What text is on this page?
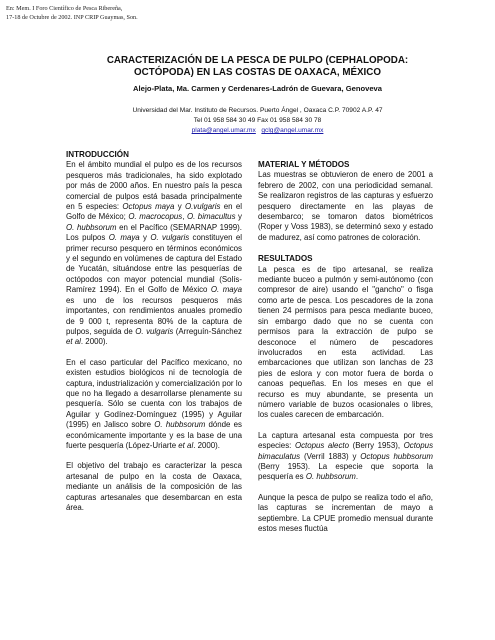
En: Mem. I Foro Científico de Pesca Ribereña,
17-18 de Octubre de 2002. INP CRIP Guaymas, Son.
CARACTERIZACIÓN DE LA PESCA DE PULPO (CEPHALOPODA:
OCTÓPODA) EN LAS COSTAS DE OAXACA, MÉXICO
Alejo-Plata, Ma. Carmen y Cerdenares-Ladrón de Guevara, Genoveva
Universidad del Mar. Instituto de Recursos. Puerto Ángel , Oaxaca C.P. 70902 A.P. 47
Tel 01 958 584 30 49 Fax 01 958 584 30 78
plata@angel.umar.mx gclg@angel.umar.mx
INTRODUCCIÓN

En el ámbito mundial el pulpo es de los recursos pesqueros más tradicionales, ha sido explotado por más de 2000 años. En nuestro país la pesca comercial de pulpos está basada principalmente en 5 especies: Octopus maya y O.vulgaris en el Golfo de México; O. macrocopus, O. bimacultus y O. hubbsorum en el Pacífico (SEMARNAP 1999). Los pulpos O. maya y O. vulgaris constituyen el primer recurso pesquero en términos económicos y el segundo en volúmenes de captura del Estado de Yucatán, situándose entre las pesquerías de octópodos con mayor potencial mundial (Solís-Ramírez 1994). En el Golfo de México O. maya es uno de los recursos pesqueros más importantes, con rendimientos anuales promedio de 9 000 t, representa 80% de la captura de pulpos, seguida de O. vulgaris (Arreguín-Sánchez et al. 2000).

En el caso particular del Pacífico mexicano, no existen estudios biológicos ni de tecnología de captura, industrialización y comercialización por lo que no ha llegado a desarrollarse plenamente su pesquería. Sólo se cuenta con los trabajos de Aguilar y Godínez-Domínguez (1995) y Aguilar (1995) en Jalisco sobre O. hubbsorum dónde es económicamente importante y es la base de una fuerte pesquería (López-Uriarte et al. 2000).

El objetivo del trabajo es caracterizar la pesca artesanal de pulpo en la costa de Oaxaca, mediante un análisis de la composición de las capturas artesanales que desembarcan en esta área.

MATERIAL Y MÉTODOS

Las muestras se obtuvieron de enero de 2001 a febrero de 2002, con una periodicidad semanal. Se realizaron registros de las capturas y esfuerzo pesquero directamente en las playas de desembarco; se tomaron datos biométricos (Roper y Voss 1983), se determinó sexo y estado de madurez, así como patrones de coloración.

RESULTADOS

La pesca es de tipo artesanal, se realiza mediante buceo a pulmón y semi-autónomo (con compresor de aire) usando el "gancho" o fisga como arte de pesca. Los pescadores de la zona tienen 24 permisos para pesca mediante buceo, sin embargo dado que no se cuenta con permisos para la extracción de pulpo se desconoce el número de pescadores involucrados en esta actividad. Las embarcaciones que utilizan son lanchas de 23 pies de eslora y con motor fuera de borda o canoas pequeñas. En los meses en que el recurso es muy abundante, se presenta un número variable de buzos ocasionales o libres, los cuales carecen de embarcación.

La captura artesanal esta compuesta por tres especies: Octopus alecto (Berry 1953), Octopus bimaculatus (Verril 1883) y Octopus hubbsorum (Berry 1953). La especie que soporta la pesquería es O. hubbsorum.

Aunque la pesca de pulpo se realiza todo el año, las capturas se incrementan de mayo a septiembre. La CPUE promedio mensual durante estos meses fluctúa
